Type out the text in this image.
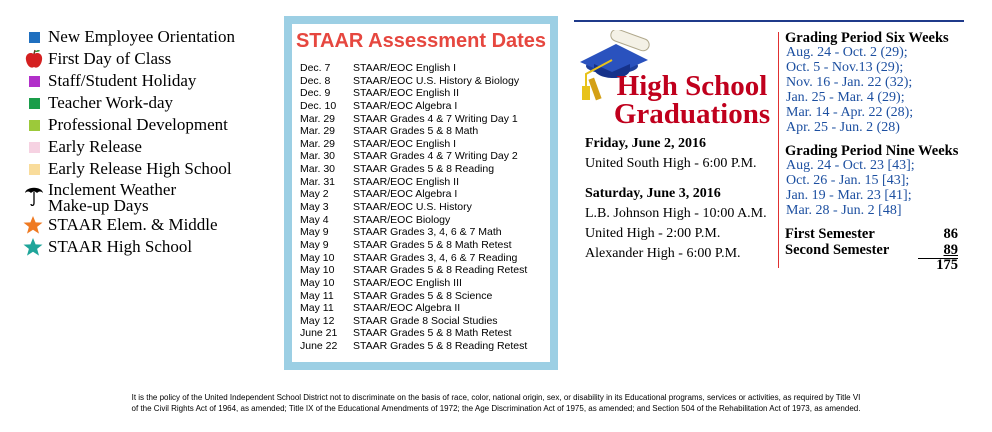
New Employee Orientation
First Day of Class
Staff/Student Holiday
Teacher Work-day
Professional Development
Early Release
Early Release High School
Inclement Weather
Make-up Days
STAAR Elem. & Middle
STAAR High School
STAAR Assessment Dates
Dec. 7 STAAR/EOC English I
Dec. 8 STAAR/EOC U.S. History & Biology
Dec. 9 STAAR/EOC English II
Dec. 10 STAAR/EOC Algebra I
Mar. 29 STAAR Grades 4 & 7 Writing Day 1
Mar. 29 STAAR Grades 5 & 8 Math
Mar. 29 STAAR/EOC English I
Mar. 30 STAAR Grades 4 & 7 Writing Day 2
Mar. 30 STAAR Grades 5 & 8 Reading
Mar. 31 STAAR/EOC English II
May 2 STAAR/EOC Algebra I
May 3 STAAR/EOC U.S. History
May 4 STAAR/EOC Biology
May 9 STAAR Grades 3, 4, 6 & 7 Math
May 9 STAAR Grades 5 & 8 Math Retest
May 10 STAAR Grades 3, 4, 6 & 7 Reading
May 10 STAAR Grades 5 & 8 Reading Retest
May 10 STAAR/EOC English III
May 11 STAAR Grades 5 & 8 Science
May 11 STAAR/EOC Algebra II
May 12 STAAR Grade 8 Social Studies
June 21 STAAR Grades 5 & 8 Math Retest
June 22 STAAR Grades 5 & 8 Reading Retest
High School
Graduations
Friday, June 2, 2016
United South High - 6:00 P.M.
Saturday, June 3, 2016
L.B. Johnson High - 10:00 A.M.
United High - 2:00 P.M.
Alexander High - 6:00 P.M.
Grading Period Six Weeks
Aug. 24 - Oct. 2 (29);
Oct. 5 - Nov.13 (29);
Nov. 16 - Jan. 22 (32);
Jan. 25 - Mar. 4 (29);
Mar. 14 - Apr. 22 (28);
Apr. 25 - Jun. 2 (28)
Grading Period Nine Weeks
Aug. 24 - Oct. 23 [43];
Oct. 26 - Jan. 15 [43];
Jan. 19 - Mar. 23 [41];
Mar. 28 - Jun. 2 [48]
First Semester	86
Second Semester	89
175
It is the policy of the United Independent School District not to discriminate on the basis of race, color, national origin, sex, or disability in its Educational programs, services or activities, as required by Title VI
of the Civil Rights Act of 1964, as amended; Title IX of the Educational Amendments of 1972; the Age Discrimination Act of 1975, as amended; and Section 504 of the Rehabilitation Act of 1973, as amended.
